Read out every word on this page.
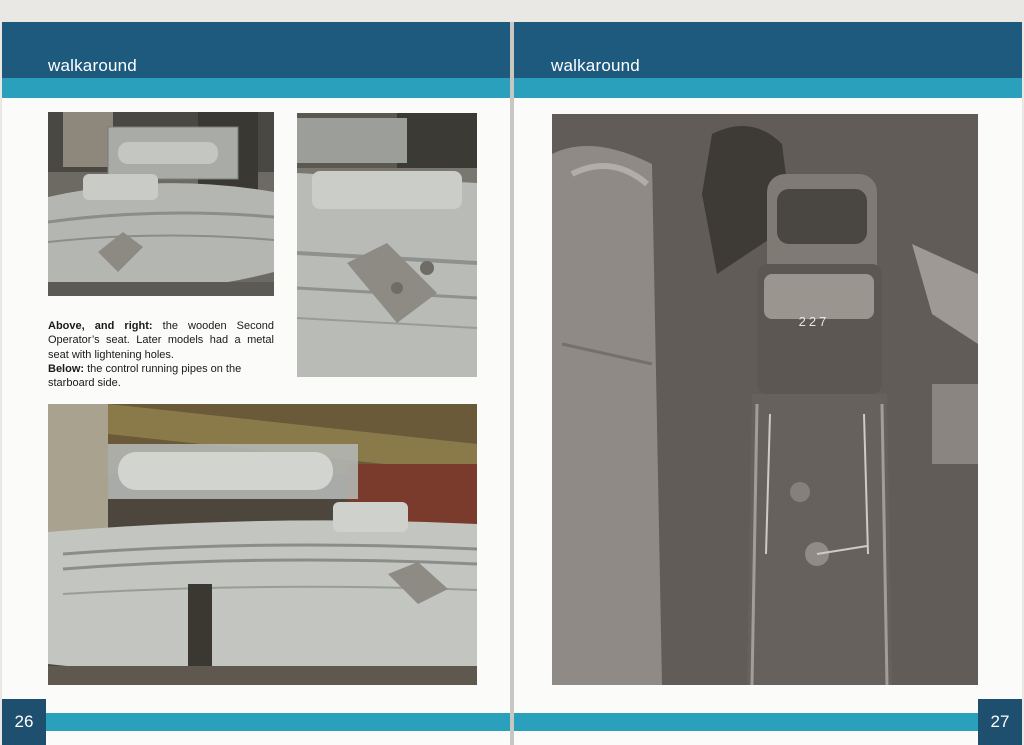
walkaround

Above, and right: the wooden Second Operator’s seat. Later models had a metal seat with lightening holes.

Below: the control running pipes on the starboard side.

26
walkaround
227
27
